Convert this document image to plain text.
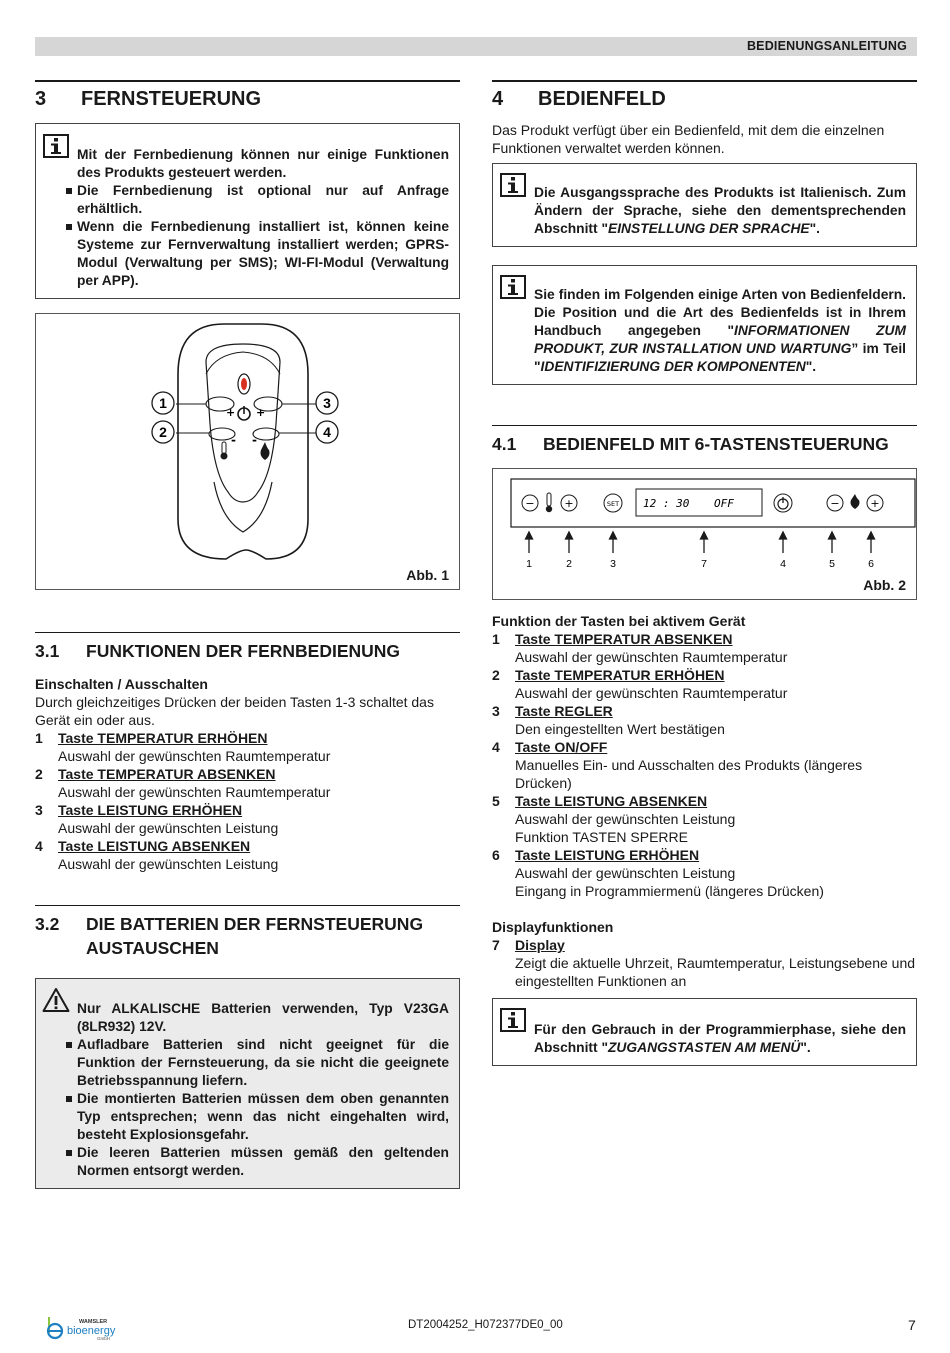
BEDIENUNGSANLEITUNG
3	FERNSTEUERUNG
Mit der Fernbedienung können nur einige Funktionen des Produkts gesteuert werden.
Die Fernbedienung ist optional nur auf Anfrage erhältlich.
Wenn die Fernbedienung installiert ist, können keine Systeme zur Fernverwaltung installiert werden; GPRS-Modul (Verwaltung per SMS); WI-FI-Modul (Verwaltung per APP).
+ +
- -
1
2
3
4
Abb. 1
3.1	FUNKTIONEN DER FERNBEDIENUNG

Einschalten / Ausschalten

Durch gleichzeitiges Drücken der beiden Tasten 1-3 schaltet das Gerät ein oder aus.

1	Taste TEMPERATUR ERHÖHEN
Auswahl der gewünschten Raumtemperatur
2	Taste TEMPERATUR ABSENKEN
Auswahl der gewünschten Raumtemperatur
3	Taste LEISTUNG ERHÖHEN
Auswahl der gewünschten Leistung
4	Taste LEISTUNG ABSENKEN
Auswahl der gewünschten Leistung
3.2	DIE BATTERIEN DER FERNSTEUERUNG AUSTAUSCHEN
Nur ALKALISCHE Batterien verwenden, Typ V23GA (8LR932) 12V.
Aufladbare Batterien sind nicht geeignet für die Funktion der Fernsteuerung, da sie nicht die geeignete Betriebsspannung liefern.
Die montierten Batterien müssen dem oben genannten Typ entsprechen; wenn das nicht eingehalten wird, besteht Explosionsgefahr.
Die leeren Batterien müssen gemäß den geltenden Normen entsorgt werden.
4	BEDIENFELD

Das Produkt verfügt über ein Bedienfeld, mit dem die einzelnen Funktionen verwaltet werden können.

Die Ausgangssprache des Produkts ist Italienisch. Zum Ändern der Sprache, siehe den dementsprechenden Abschnitt "EINSTELLUNG DER SPRACHE".
Sie finden im Folgenden einige Arten von Bedienfeldern. Die Position und die Art des Bedienfelds ist in Ihrem Handbuch angegeben "INFORMATIONEN ZUM PRODUKT, ZUR INSTALLATION UND WARTUNG” im Teil "IDENTIFIZIERUNG DER KOMPONENTEN".
4.1	BEDIENFELD MIT 6-TASTENSTEUERUNG
−	+	SET 12 : 30 OFF	−	+
1	2	3	7	4	5	6
Abb. 2

Funktion der Tasten bei aktivem Gerät

1	Taste TEMPERATUR ABSENKEN
Auswahl der gewünschten Raumtemperatur
2	Taste TEMPERATUR ERHÖHEN
Auswahl der gewünschten Raumtemperatur
3	Taste REGLER
Den eingestellten Wert bestätigen
4	Taste ON/OFF
Manuelles Ein- und Ausschalten des Produkts (längeres Drücken)
5	Taste LEISTUNG ABSENKEN
Auswahl der gewünschten Leistung
Funktion TASTEN SPERRE
6	Taste LEISTUNG ERHÖHEN
Auswahl der gewünschten Leistung
Eingang in Programmiermenü (längeres Drücken)

Displayfunktionen

7	Display
Zeigt die aktuelle Uhrzeit, Raumtemperatur, Leistungsebene und eingestellten Funktionen an
Für den Gebrauch in der Programmierphase, siehe den Abschnitt "ZUGANGSTASTEN AM MENÜ".
WAMSLER
bioenergy
GmbH
DT2004252_H072377DE0_00	7
